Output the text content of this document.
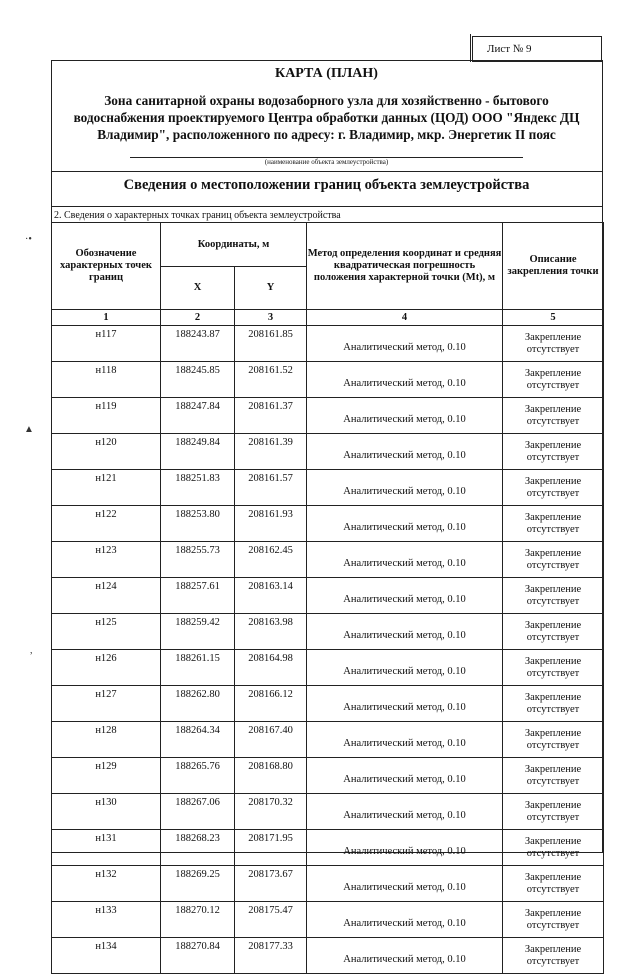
Лист № 9
КАРТА (ПЛАН)
Зона санитарной охраны водозаборного узла для хозяйственно - бытового водоснабжения проектируемого Центра обработки данных (ЦОД) ООО "Яндекс ДЦ Владимир", расположенного по адресу: г. Владимир, мкр. Энергетик II пояс
(наименование объекта землеустройства)
Сведения о местоположении границ объекта землеустройства
2. Сведения о характерных точках границ объекта землеустройства
Обозначение характерных точек границ	Координаты, м		Метод определения координат и средняя квадратическая погрешность положения характерной точки (Mt), м	Описание закрепления точки
	X	Y		
1	2	3	4	5
н117	188243.87	208161.85	Аналитический метод, 0.10	Закрепление отсутствует
н118	188245.85	208161.52	Аналитический метод, 0.10	Закрепление отсутствует
н119	188247.84	208161.37	Аналитический метод, 0.10	Закрепление отсутствует
н120	188249.84	208161.39	Аналитический метод, 0.10	Закрепление отсутствует
н121	188251.83	208161.57	Аналитический метод, 0.10	Закрепление отсутствует
н122	188253.80	208161.93	Аналитический метод, 0.10	Закрепление отсутствует
н123	188255.73	208162.45	Аналитический метод, 0.10	Закрепление отсутствует
н124	188257.61	208163.14	Аналитический метод, 0.10	Закрепление отсутствует
н125	188259.42	208163.98	Аналитический метод, 0.10	Закрепление отсутствует
н126	188261.15	208164.98	Аналитический метод, 0.10	Закрепление отсутствует
н127	188262.80	208166.12	Аналитический метод, 0.10	Закрепление отсутствует
н128	188264.34	208167.40	Аналитический метод, 0.10	Закрепление отсутствует
н129	188265.76	208168.80	Аналитический метод, 0.10	Закрепление отсутствует
н130	188267.06	208170.32	Аналитический метод, 0.10	Закрепление отсутствует
н131	188268.23	208171.95	Аналитический метод, 0.10	Закрепление отсутствует
н132	188269.25	208173.67	Аналитический метод, 0.10	Закрепление отсутствует
н133	188270.12	208175.47	Аналитический метод, 0.10	Закрепление отсутствует
н134	188270.84	208177.33	Аналитический метод, 0.10	Закрепление отсутствует
·•
▲
,
